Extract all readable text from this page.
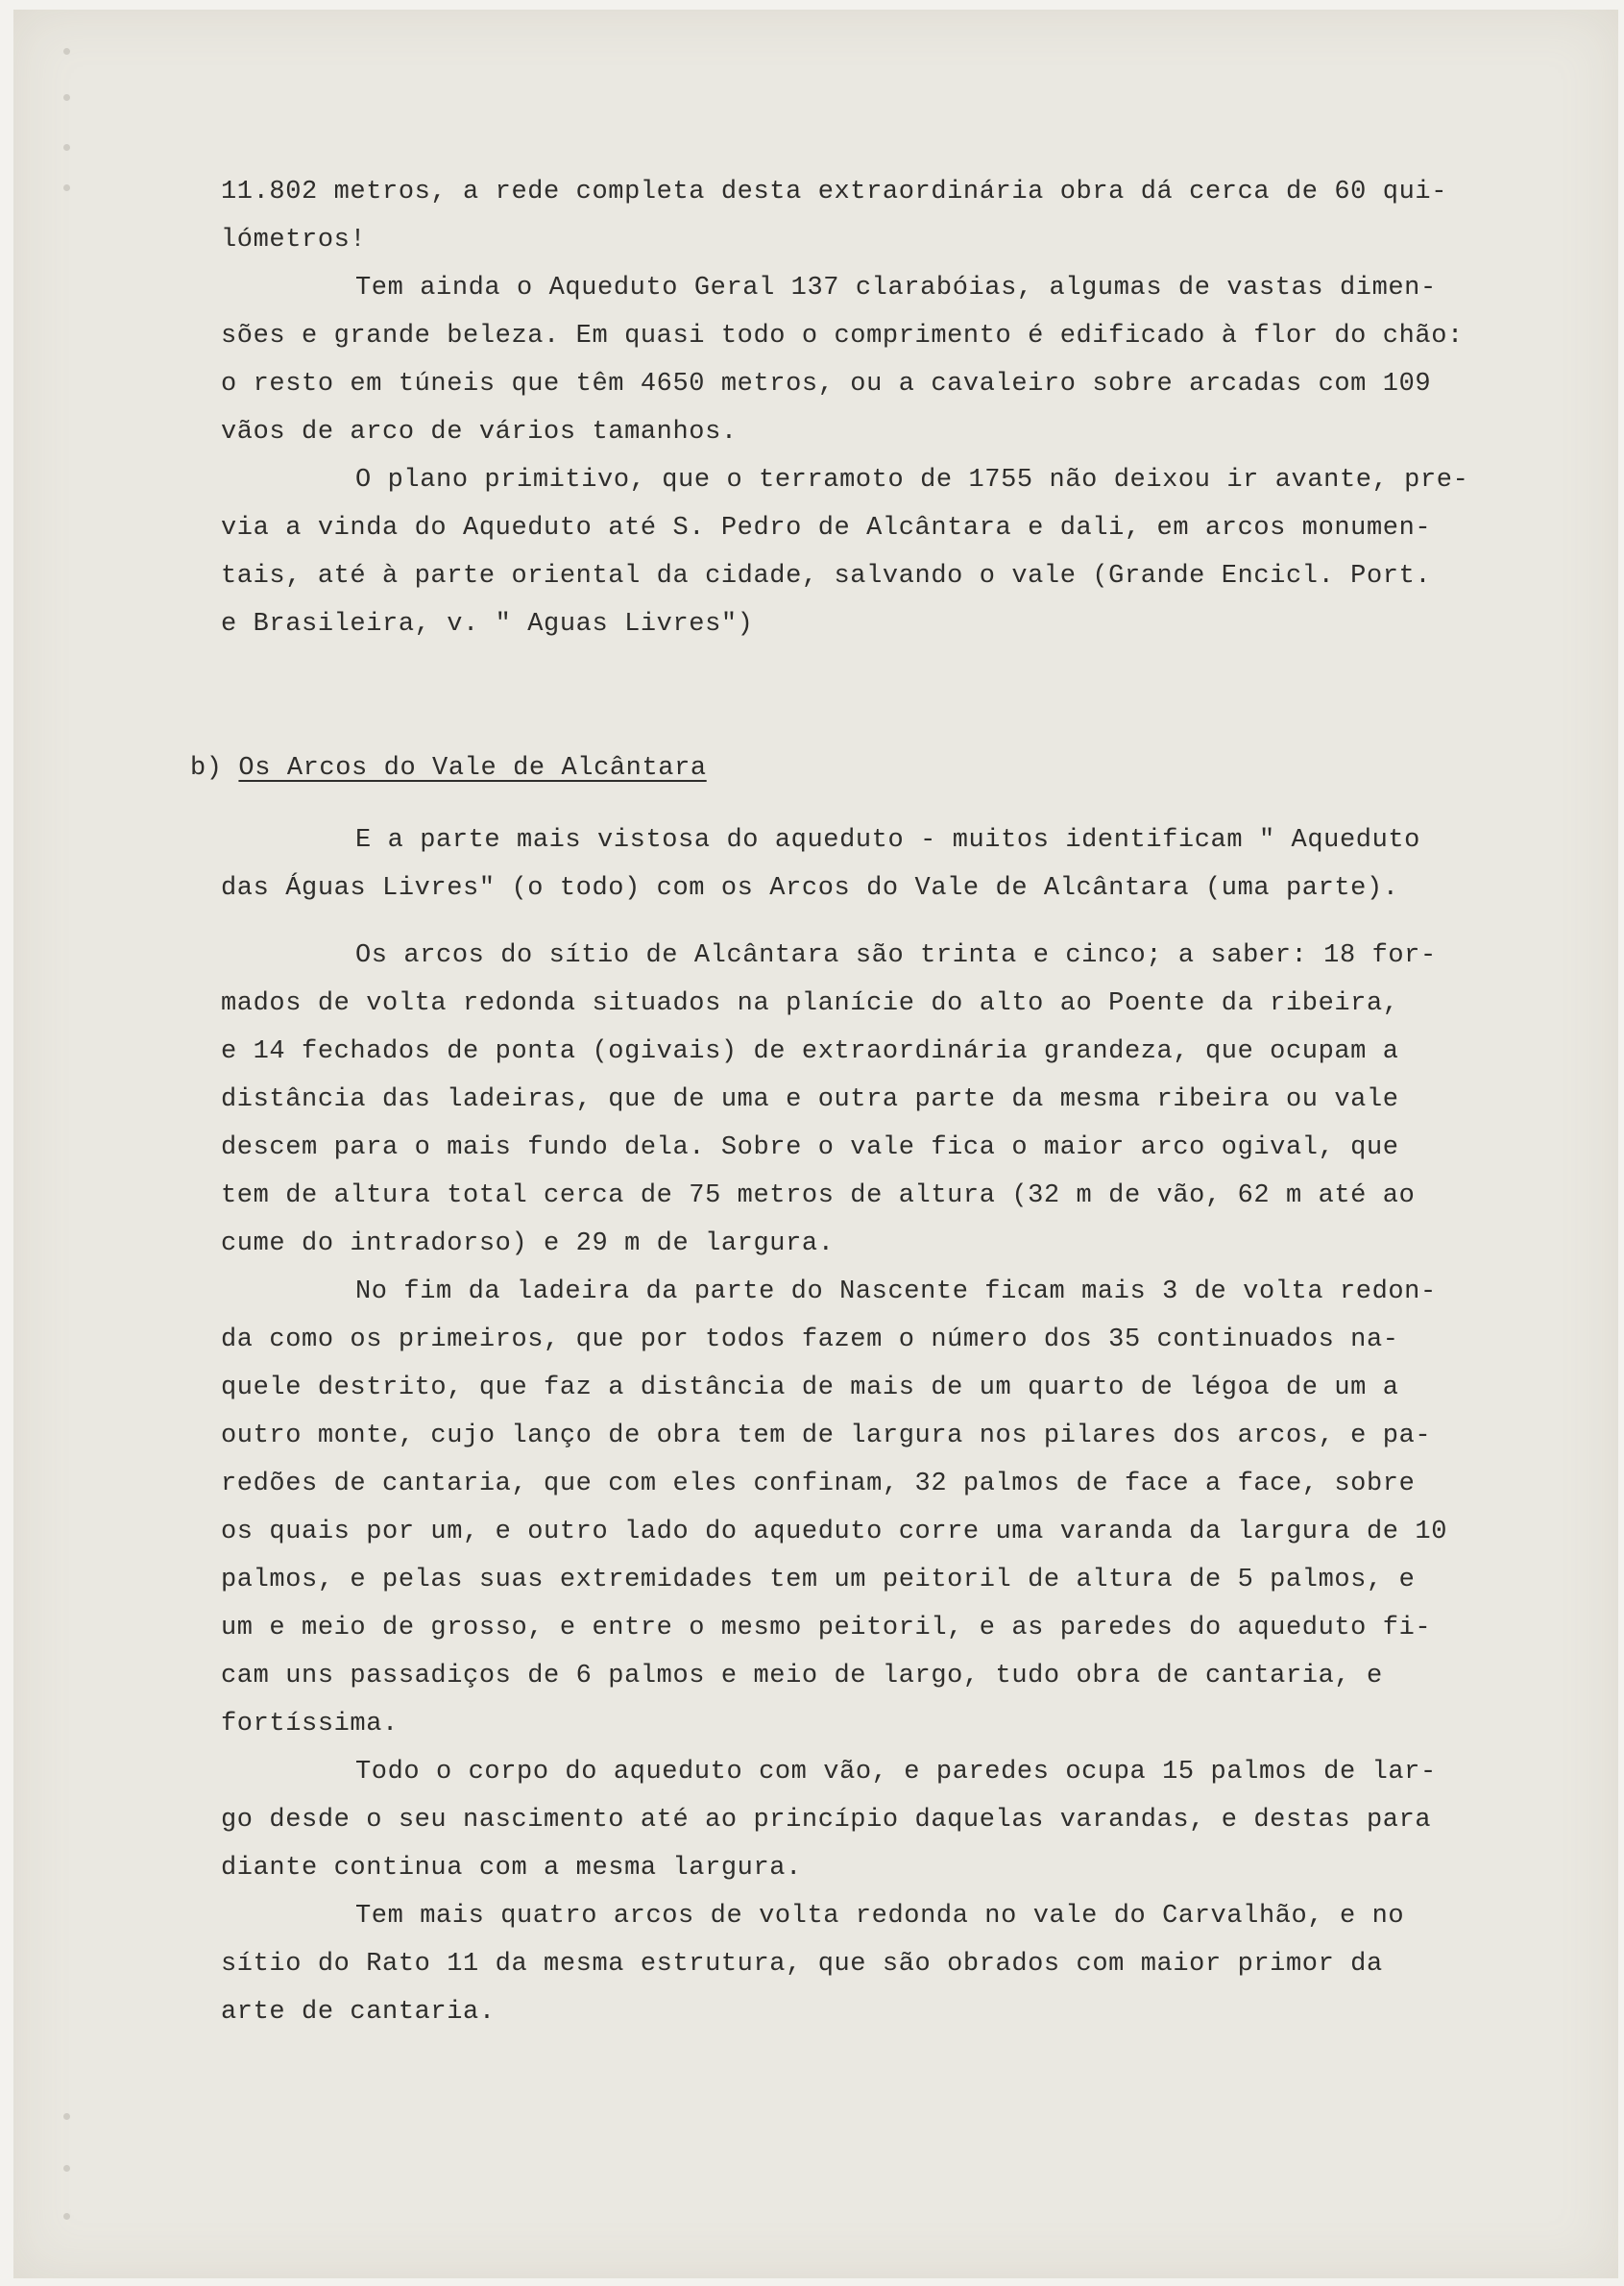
11.802 metros, a rede completa desta extraordinária obra dá cerca de 60 qui-
lómetros!
Tem ainda o Aqueduto Geral 137 clarabóias, algumas de vastas dimen-
sões e grande beleza. Em quasi todo o comprimento é edificado à flor do chão:
o resto em túneis que têm 4650 metros, ou a cavaleiro sobre arcadas com 109
vãos de arco de vários tamanhos.
O plano primitivo, que o terramoto de 1755 não deixou ir avante, pre-
via a vinda do Aqueduto até S. Pedro de Alcântara e dali, em arcos monumen-
tais, até à parte oriental da cidade, salvando o vale (Grande Encicl. Port.
e Brasileira, v. " Aguas Livres")
b) Os Arcos do Vale de Alcântara
E a parte mais vistosa do aqueduto - muitos identificam " Aqueduto
das Águas Livres" (o todo) com os Arcos do Vale de Alcântara (uma parte).
Os arcos do sítio de Alcântara são trinta e cinco; a saber: 18 for-
mados de volta redonda situados na planície do alto ao Poente da ribeira,
e 14 fechados de ponta (ogivais) de extraordinária grandeza, que ocupam a
distância das ladeiras, que de uma e outra parte da mesma ribeira ou vale
descem para o mais fundo dela. Sobre o vale fica o maior arco ogival, que
tem de altura total cerca de 75 metros de altura (32 m de vão, 62 m até ao
cume do intradorso) e 29 m de largura.
No fim da ladeira da parte do Nascente ficam mais 3 de volta redon-
da como os primeiros, que por todos fazem o número dos 35 continuados na-
quele destrito, que faz a distância de mais de um quarto de légoa de um a
outro monte, cujo lanço de obra tem de largura nos pilares dos arcos, e pa-
redões de cantaria, que com eles confinam, 32 palmos de face a face, sobre
os quais por um, e outro lado do aqueduto corre uma varanda da largura de 10
palmos, e pelas suas extremidades tem um peitoril de altura de 5 palmos, e
um e meio de grosso, e entre o mesmo peitoril, e as paredes do aqueduto fi-
cam uns passadiços de 6 palmos e meio de largo, tudo obra de cantaria, e
fortíssima.
Todo o corpo do aqueduto com vão, e paredes ocupa 15 palmos de lar-
go desde o seu nascimento até ao princípio daquelas varandas, e destas para
diante continua com a mesma largura.
Tem mais quatro arcos de volta redonda no vale do Carvalhão, e no
sítio do Rato 11 da mesma estrutura, que são obrados com maior primor da
arte de cantaria.
